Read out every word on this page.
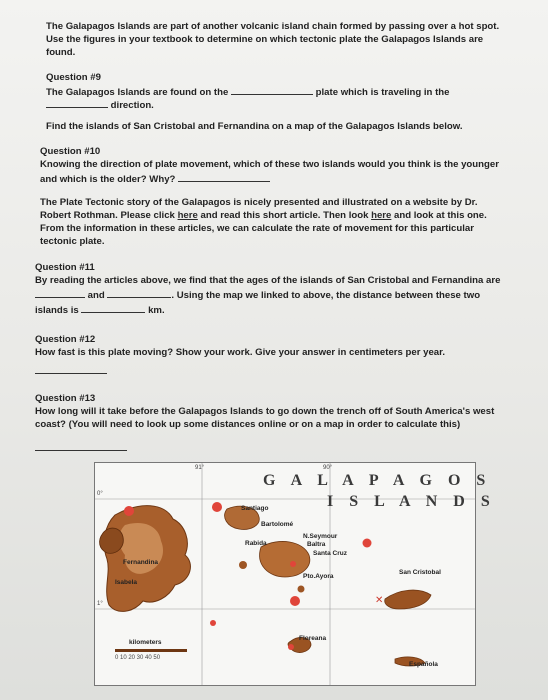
The Galapagos Islands are part of another volcanic island chain formed by passing over a hot spot.
Use the figures in your textbook to determine on which tectonic plate the Galapagos Islands are
found.
Question #9
The Galapagos Islands are found on the	plate which is traveling in the
direction.
Find the islands of San Cristobal and Fernandina on a map of the Galapagos Islands below.
Question #10
Knowing the direction of plate movement, which of these two islands would you think is the younger
and which is the older? Why?
The Plate Tectonic story of the Galapagos is nicely presented and illustrated on a website by Dr.
Robert Rothman. Please click here and read this short article. Then look here and look at this one.
From the information in these articles, we can calculate the rate of movement for this particular
tectonic plate.
Question #11
By reading the articles above, we find that the ages of the islands of San Cristobal and Fernandina are
and	. Using the map we linked to above, the distance between these two
islands is	km.
Question #12
How fast is this plate moving? Show your work. Give your answer in centimeters per year.
Question #13
How long will it take before the Galapagos Islands to go down the trench off of South America's west
coast? (You will need to look up some distances online or on a map in order to calculate this)
✕
G A L A P A G O S
I S L A N D S
91°	90°
0°
1°
Santiago
Bartolomé
Rabida
N.Seymour
Baltra
Santa Cruz
Fernandina
Isabela
Pto.Ayora
San Cristobal
Floreana
Española
kilometers
0 10 20 30 40 50
